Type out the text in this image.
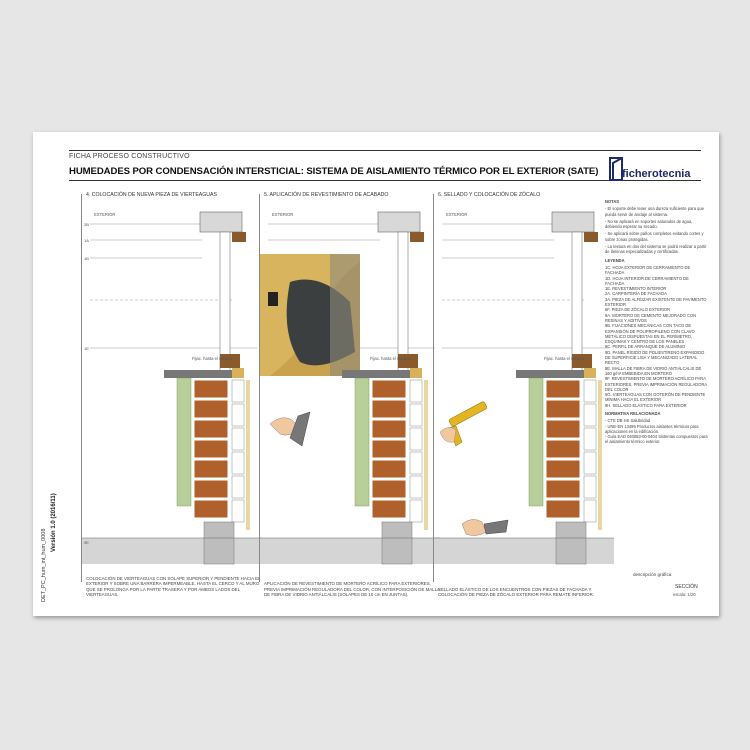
FICHA PROCESO CONSTRUCTIVO
HUMEDADES POR CONDENSACIÓN INTERSTICIAL: SISTEMA DE AISLAMIENTO TÉRMICO POR EL EXTERIOR (SATE) ficherotecnia
DET_PC_hum_int_hum_0008
Versión 1.0 (2016/11)
4. COLOCACIÓN DE NUEVA PIEZA DE VIERTEAGUAS
EXTERIOR
2B
1A
1B
1E
9E
Fijac. hasta el soporte
COLOCACIÓN DE VIERTEAGUAS CON SOLAPE SUPERIOR Y PENDIENTE HACIA EL EXTERIOR Y SOBRE UNA BARRERA IMPERMEABLE, HASTA EL CERCO Y AL MURO QUE SE PROLONGA POR LA PARTE TRASERA Y POR AMBOS LADOS DEL VIERTEAGUAS.
5. APLICACIÓN DE REVESTIMIENTO DE ACABADO
EXTERIOR
Fijac. hasta el soporte
APLICACIÓN DE REVESTIMIENTO DE MORTERO ACRÍLICO PARA EXTERIORES, PREVIA IMPRIMACIÓN REGULADORA DEL COLOR, CON INTERPOSICIÓN DE MALLA DE FIBRA DE VIDRIO ANTIÁLCALIS (SOLAPES DE 10 cm EN JUNTAS).
6. SELLADO Y COLOCACIÓN DE ZÓCALO
EXTERIOR
Fijac. hasta el soporte
SELLADO ELÁSTICO DE LOS ENCUENTROS CON PIEZAS DE FACHADA Y COLOCACIÓN DE PIEZA DE ZÓCALO EXTERIOR PARA REMATE INFERIOR.
NOTAS

- El soporte debe tener una dureza suficiente para que pueda servir de anclaje al sistema.

- No se aplicará en soportes saturados de agua, debiendo esperar su secado.

- Se aplicará sobre paños completos evitando cortes y sobre zonas protegidas.

- La textura en dos del sistema se podrá realizar a partir de láminas especializadas y certificadas.

LEYENDA

1C. HOJA EXTERIOR DE CERRAMIENTO DE FACHADA

1D. HOJA INTERIOR DE CERRAMIENTO DE FACHADA

1E. REVESTIMIENTO INTERIOR

2A. CARPINTERÍA DE FACHADA

3A. PIEZA DE ALFÉIZAR EXISTENTE DE PAVIMENTO EXTERIOR

6F. PIEZA DE ZÓCALO EXTERIOR

9A. MORTERO DE CEMENTO MEJORADO CON RESINAS Y ADITIVOS

9B. FIJACIONES MECÁNICAS CON TACO DE EXPANSIÓN DE POLIPROPILENO CON CLAVO METÁLICO DISPUESTAS EN EL PERÍMETRO, ESQUINAS Y CENTRO DE LOS PANELES

9C. PERFIL DE ARRANQUE DE ALUMINIO

9D. PANEL RÍGIDO DE POLIESTIRENO EXPANDIDO DE SUPERFICIE LISA Y MECANIZADO LATERAL RECTO

9E. MALLA DE FIBRA DE VIDRIO ANTIÁLCALIS DE 160 g/m² EMBEBIDA EN MORTERO

9F. REVESTIMIENTO DE MORTERO ACRÍLICO PARA EXTERIORES, PREVIA IMPRIMACIÓN REGULADORA DEL COLOR

9G. VIERTEAGUAS CON GOTERÓN DE PENDIENTE MÍNIMA HACIA EL EXTERIOR

9H. SELLADO ELÁSTICO PARA EXTERIOR

NORMATIVA RELACIONADA

- CTE DB HS Salubridad

- UNE-EN 13499 Productos aislantes térmicos para aplicaciones en la edificación.

- Guía EAD 040083-00-0404 Sistemas compuestos para el aislamiento térmico exterior.

descripción gráfica
SECCIÓN
escala: 1/20
